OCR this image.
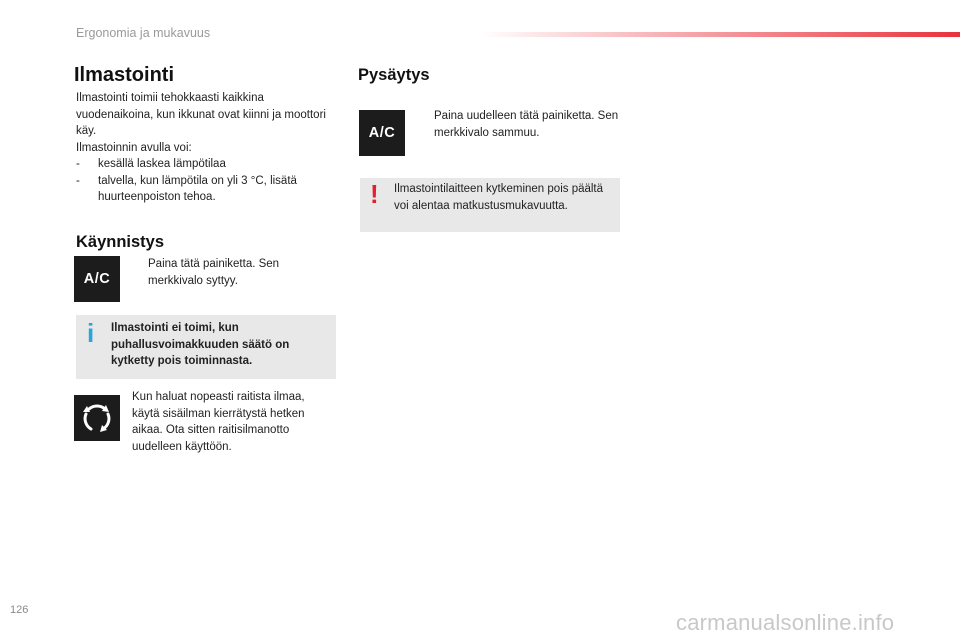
Ergonomia ja mukavuus
Ilmastointi

Ilmastointi toimii tehokkaasti kaikkina vuodenaikoina, kun ikkunat ovat kiinni ja moottori käy.

Ilmastoinnin avulla voi:

- kesällä laskea lämpötilaa
- talvella, kun lämpötila on yli 3 °C, lisätä huurteenpoiston tehoa.
Käynnistys
A/C
Paina tätä painiketta. Sen merkkivalo syttyy.
i Ilmastointi ei toimi, kun puhallusvoimakkuuden säätö on kytketty pois toiminnasta.
Kun haluat nopeasti raitista ilmaa, käytä sisäilman kierrätystä hetken aikaa. Ota sitten raitisilmanotto uudelleen käyttöön.
Pysäytys
A/C
Paina uudelleen tätä painiketta. Sen merkkivalo sammuu.
! Ilmastointilaitteen kytkeminen pois päältä voi alentaa matkustusmukavuutta.
126	carmanualsonline.info
